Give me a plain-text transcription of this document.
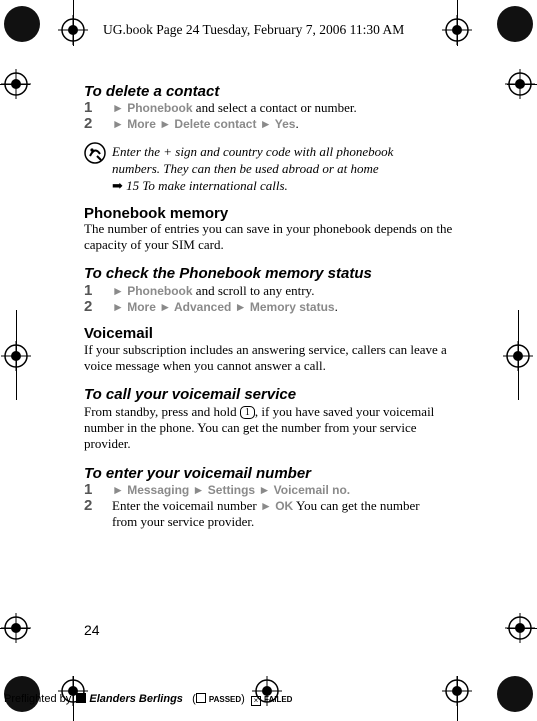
UG.book Page 24 Tuesday, February 7, 2006 11:30 AM
To delete a contact
1 ► Phonebook and select a contact or number.
2 ► More ► Delete contact ► Yes.
Enter the + sign and country code with all phonebook
numbers. They can then be used abroad or at home
➡ 15 To make international calls.
Phonebook memory
The number of entries you can save in your phonebook depends on the capacity of your SIM card.
To check the Phonebook memory status
1 ► Phonebook and scroll to any entry.
2 ► More ► Advanced ► Memory status.
Voicemail
If your subscription includes an answering service, callers can leave a voice message when you cannot answer a call.
To call your voicemail service
From standby, press and hold 1 , if you have saved your voicemail number in the phone. You can get the number from your service provider.
To enter your voicemail number
1 ► Messaging ► Settings ► Voicemail no.
2 Enter the voicemail number ► OK You can get the number
from your service provider.
24
Preflighted by Elanders Berlings ( PASSED) × FAILED
